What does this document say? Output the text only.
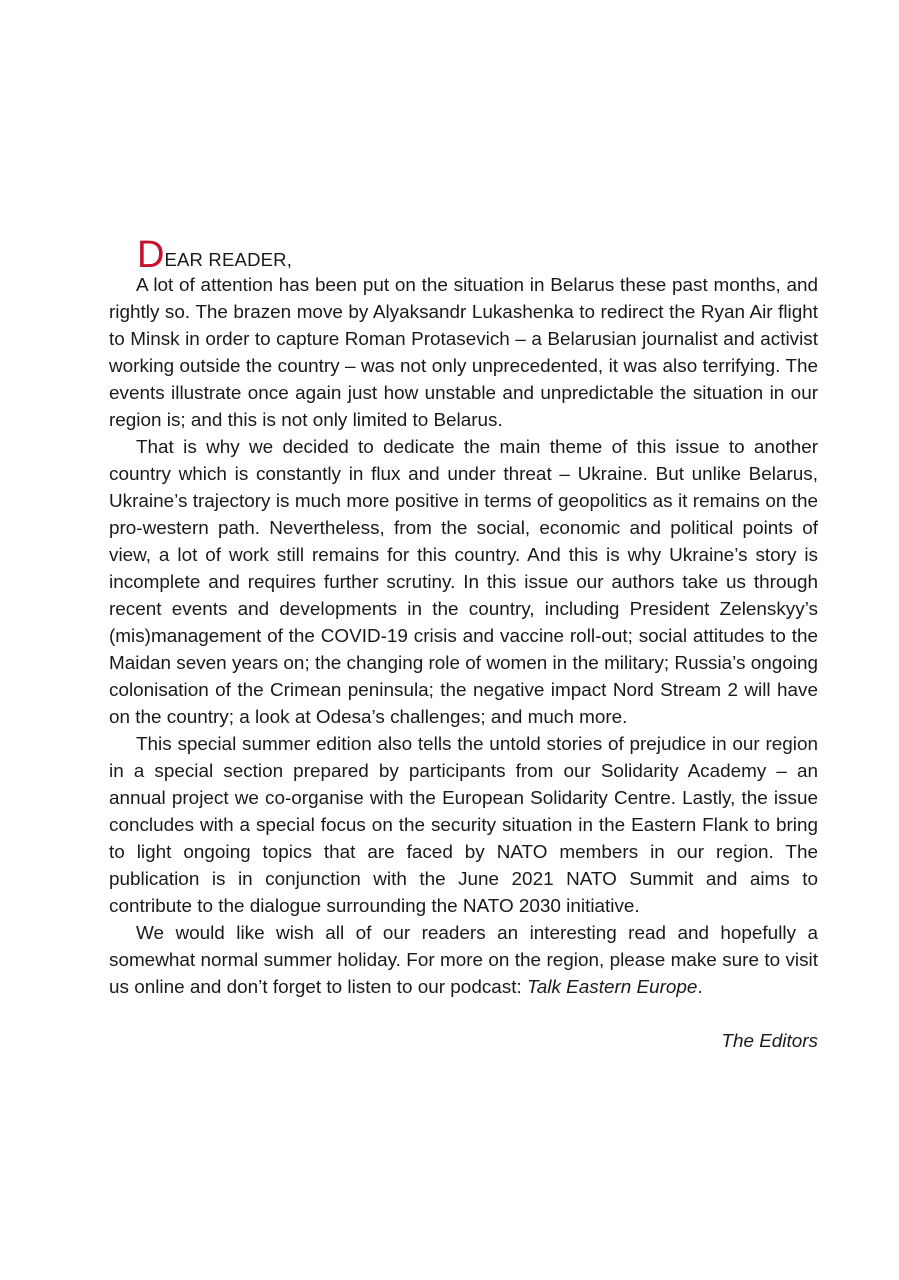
D EAR READER,

A lot of attention has been put on the situation in Belarus these past months, and rightly so. The brazen move by Alyaksandr Lukashenka to redirect the Ryan Air flight to Minsk in order to capture Roman Protasevich – a Belarusian journalist and activist working outside the country – was not only unprecedented, it was also terrifying. The events illustrate once again just how unstable and unpredictable the situation in our region is; and this is not only limited to Belarus.

That is why we decided to dedicate the main theme of this issue to another country which is constantly in flux and under threat – Ukraine. But unlike Belarus, Ukraine’s trajectory is much more positive in terms of geopolitics as it remains on the pro-western path. Nevertheless, from the social, economic and political points of view, a lot of work still remains for this country. And this is why Ukraine’s story is incomplete and requires further scrutiny. In this issue our authors take us through recent events and developments in the country, including President Zelenskyy’s (mis)management of the COVID-19 crisis and vaccine roll-out; social attitudes to the Maidan seven years on; the changing role of women in the military; Russia’s ongoing colonisation of the Crimean peninsula; the negative impact Nord Stream 2 will have on the country; a look at Odesa’s challenges; and much more.

This special summer edition also tells the untold stories of prejudice in our region in a special section prepared by participants from our Solidarity Academy – an annual project we co-organise with the European Solidarity Centre. Lastly, the issue concludes with a special focus on the security situation in the Eastern Flank to bring to light ongoing topics that are faced by NATO members in our region. The publication is in conjunction with the June 2021 NATO Summit and aims to contribute to the dialogue surrounding the NATO 2030 initiative.

We would like wish all of our readers an interesting read and hopefully a somewhat normal summer holiday. For more on the region, please make sure to visit us online and don’t forget to listen to our podcast: Talk Eastern Europe.

The Editors
